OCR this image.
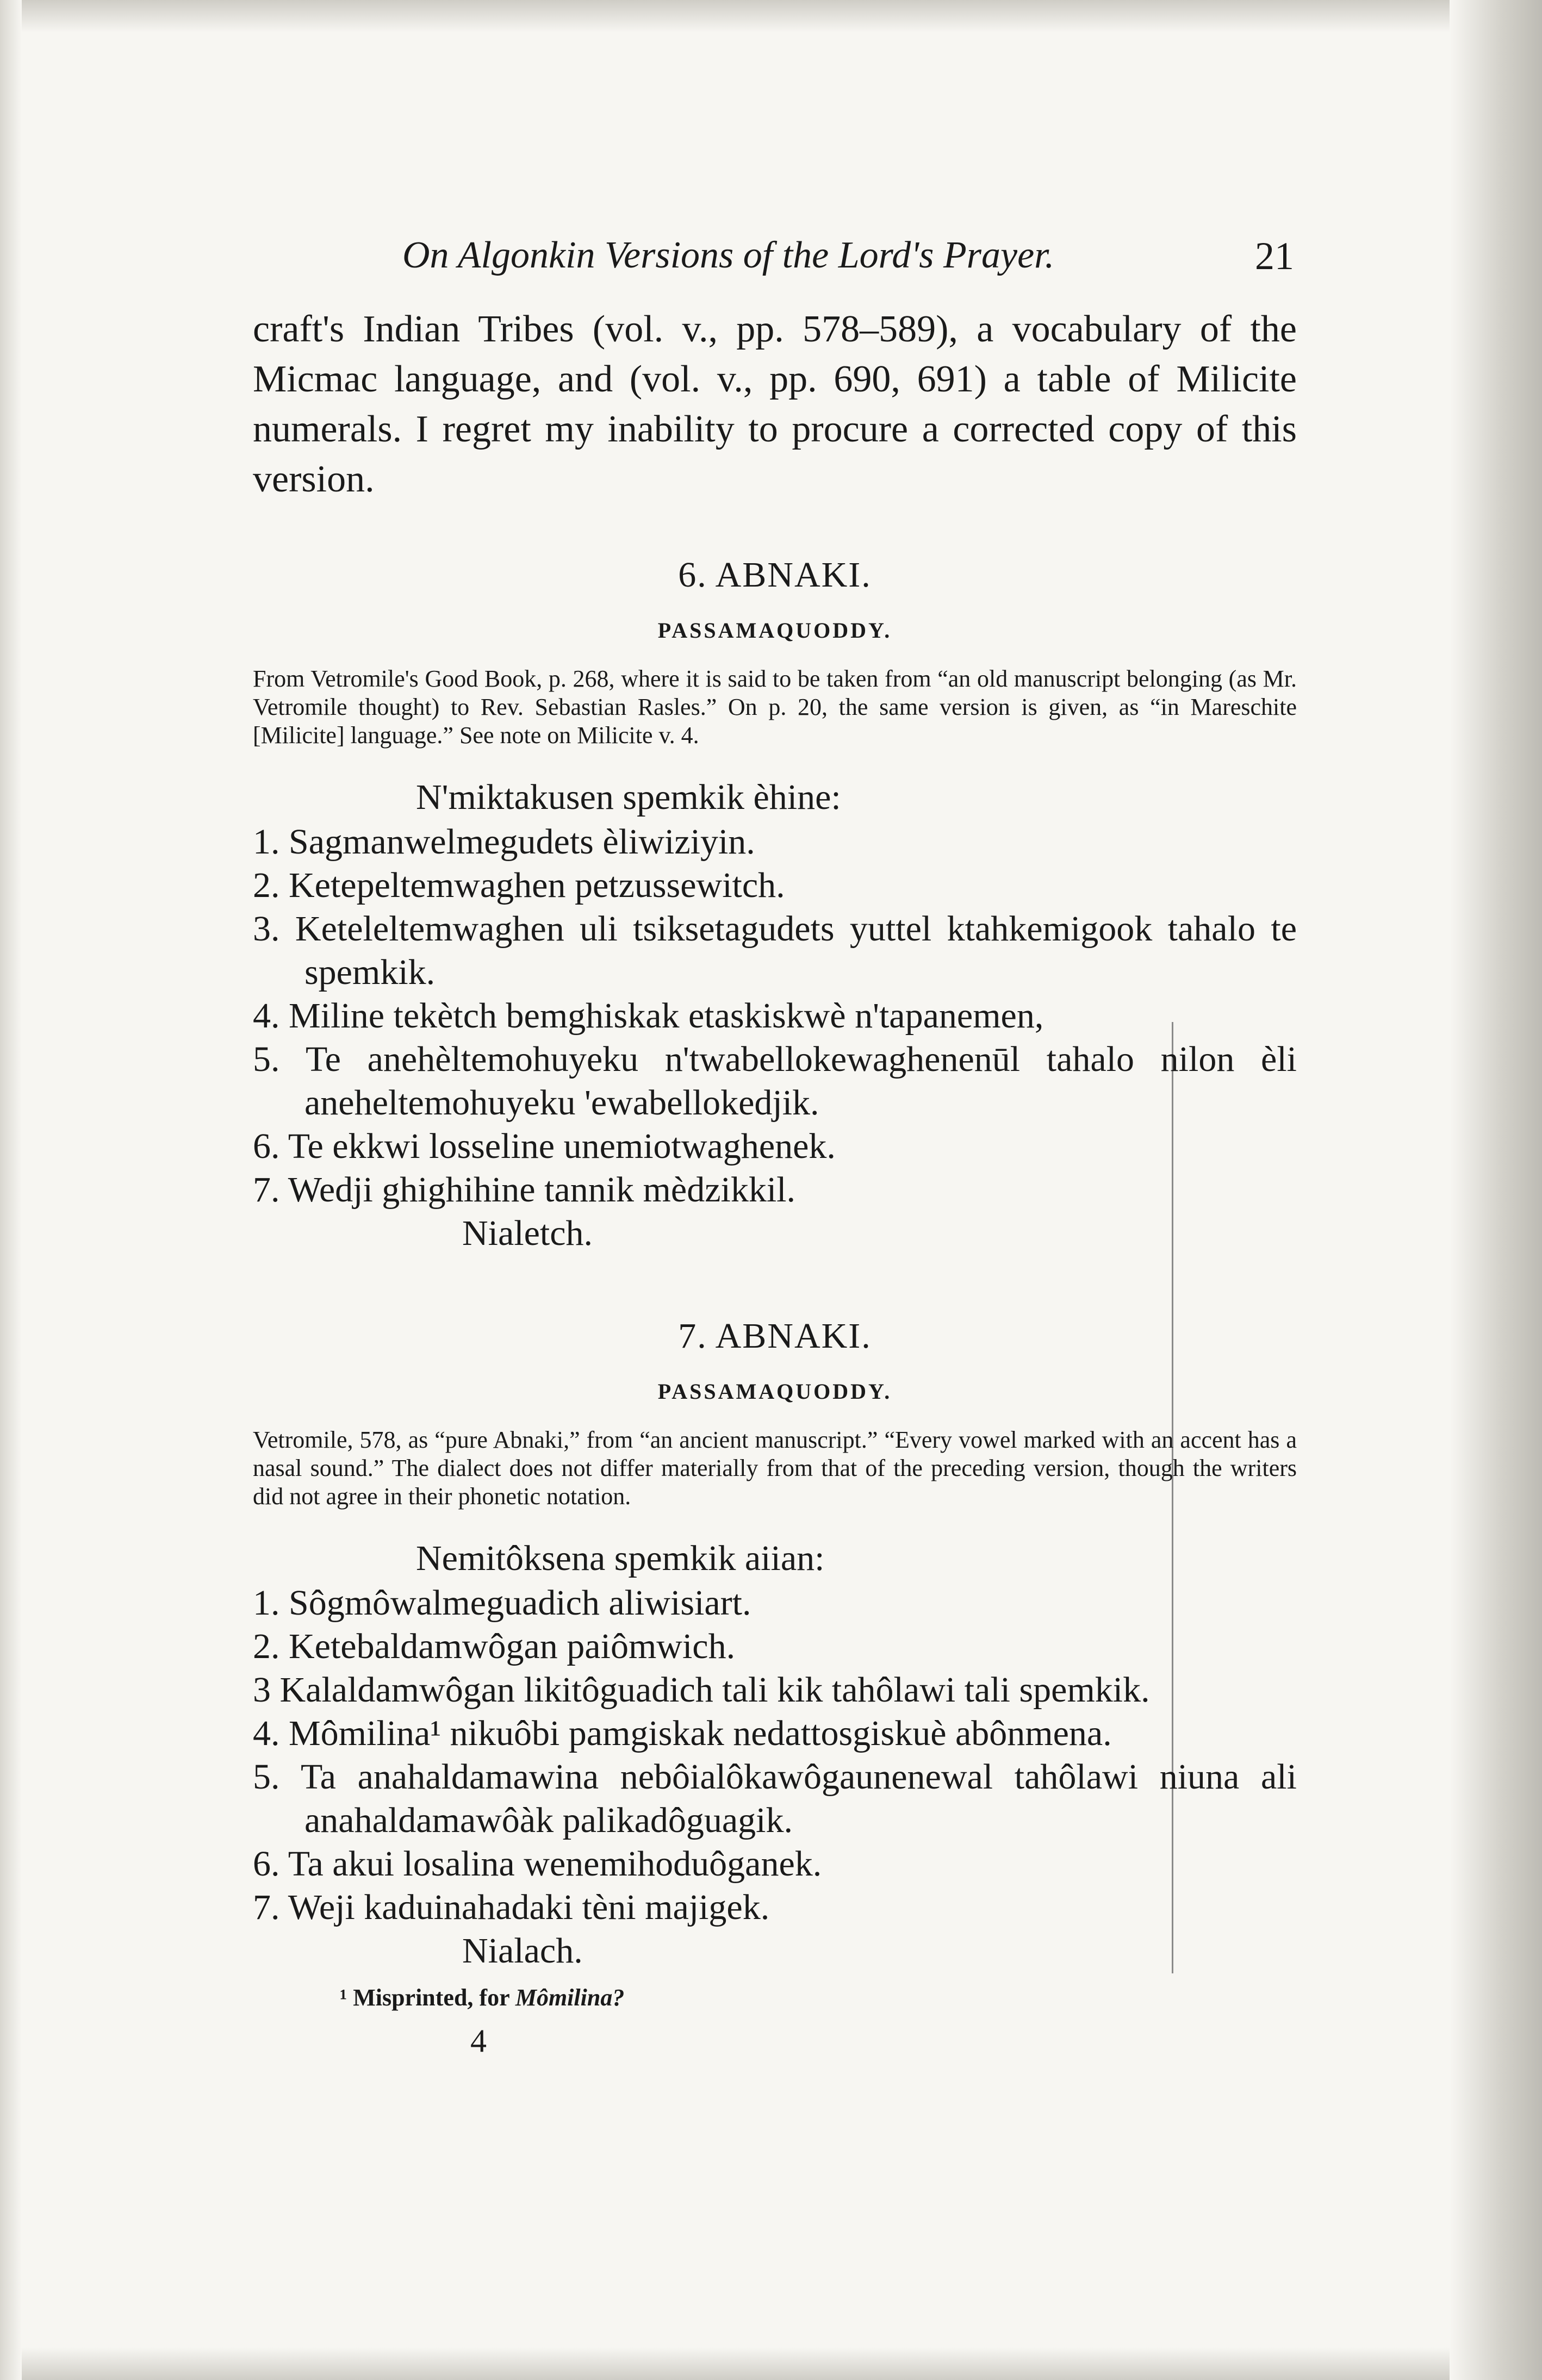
On Algonkin Versions of the Lord's Prayer.	21

craft's Indian Tribes (vol. v., pp. 578–589), a vocabulary of the Micmac language, and (vol. v., pp. 690, 691) a table of Milicite numerals. I regret my inability to procure a corrected copy of this version.

6. ABNAKI.

PASSAMAQUODDY.

From Vetromile's Good Book, p. 268, where it is said to be taken from “an old manuscript belonging (as Mr. Vetromile thought) to Rev. Sebastian Rasles.” On p. 20, the same version is given, as “in Mareschite [Milicite] language.” See note on Milicite v. 4.

N'miktakusen spemkik èhine:

1. Sagmanwelmegudets èliwiziyin.
2. Ketepeltemwaghen petzussewitch.
3. Keteleltemwaghen uli tsiksetagudets yuttel ktahkemigook tahalo te spemkik.
4. Miline tekètch bemghiskak etaskiskwè n'tapanemen,
5. Te anehèltemohuyeku n'twabellokewaghenenūl tahalo nilon èli aneheltemohuyeku 'ewabellokedjik.
6. Te ekkwi losseline unemiotwaghenek.
7. Wedji ghighihine tannik mèdzikkil.

Nialetch.

7. ABNAKI.

PASSAMAQUODDY.

Vetromile, 578, as “pure Abnaki,” from “an ancient manuscript.” “Every vowel marked with an accent has a nasal sound.” The dialect does not differ materially from that of the preceding version, though the writers did not agree in their phonetic notation.

Nemitôksena spemkik aiian:

1. Sôgmôwalmeguadich aliwisiart.
2. Ketebaldamwôgan paiômwich.
3 Kalaldamwôgan likitôguadich tali kik tahôlawi tali spemkik.
4. Mômilina¹ nikuôbi pamgiskak nedattosgiskuè abônmena.
5. Ta anahaldamawina nebôialôkawôgaunenewal tahôlawi niuna ali anahaldamawôàk palikadôguagik.
6. Ta akui losalina wenemihoduôganek.
7. Weji kaduinahadaki tèni majigek.

Nialach.

¹ Misprinted, for Mômilina?

4
